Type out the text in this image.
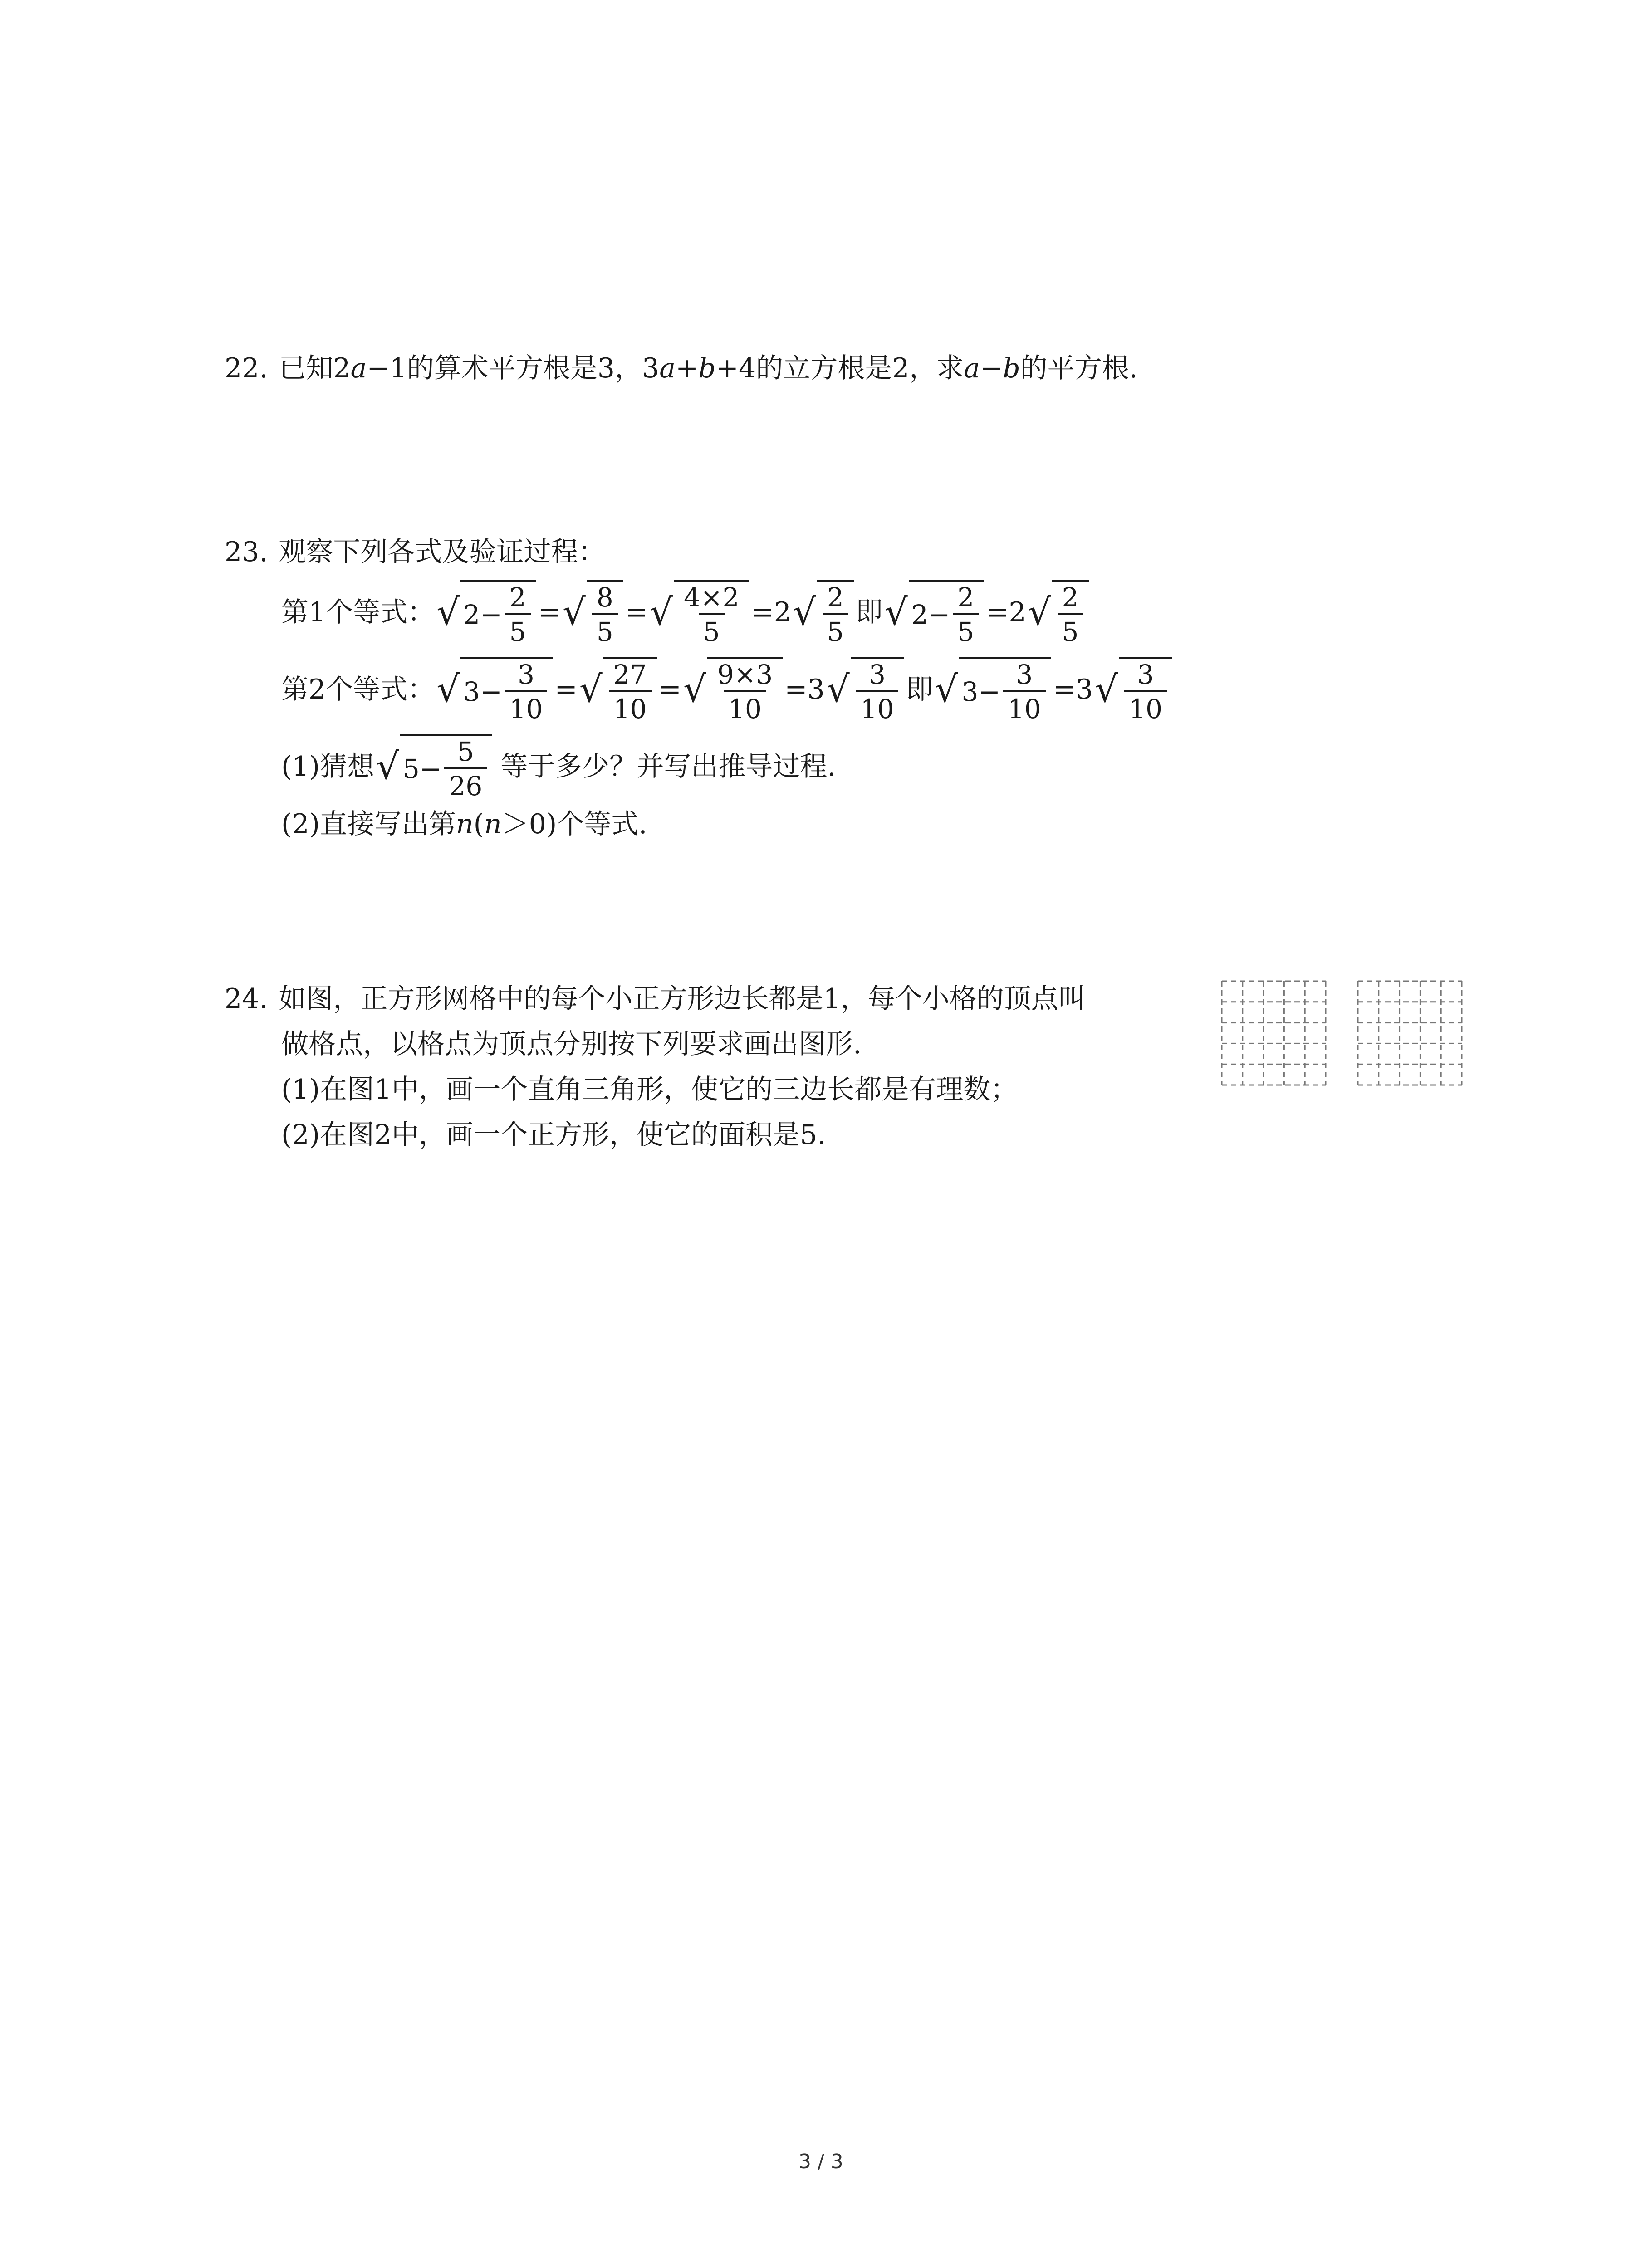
22. 已知2 a −1的算术平方根是3，3 a + b +4的立方根是2，求 a − b 的平方根.
23. 观察下列各式及验证过程：
第1个等式： √ $2- \frac{2}{5}$ = √ $\frac{8}{5}$ = √ $\frac{4\times 2}{5} =2$ √ $\frac{2}{5}$ 即 √ $2- \frac{2}{5} =2$ √ $\frac{2}{5}$
第2个等式： √ $3- \frac{3}{10}$ = √ $\frac{27}{10}$ = √ $\frac{9\times 3}{10} =3$ √ $\frac{3}{10}$ 即 √ $3- \frac{3}{10} =3$ √ $\frac{3}{10}$
(1)猜想 √ $5- \frac{5}{26}$ 等于多少？并写出推导过程.
(2)直接写出第 n ( n ＞0)个等式.
24. 如图，正方形网格中的每个小正方形边长都是1，每个小格的顶点叫
做格点，以格点为顶点分别按下列要求画出图形.
(1)在图1中，画一个直角三角形，使它的三边长都是有理数；
(2)在图2中，画一个正方形，使它的面积是5.
3 / 3
